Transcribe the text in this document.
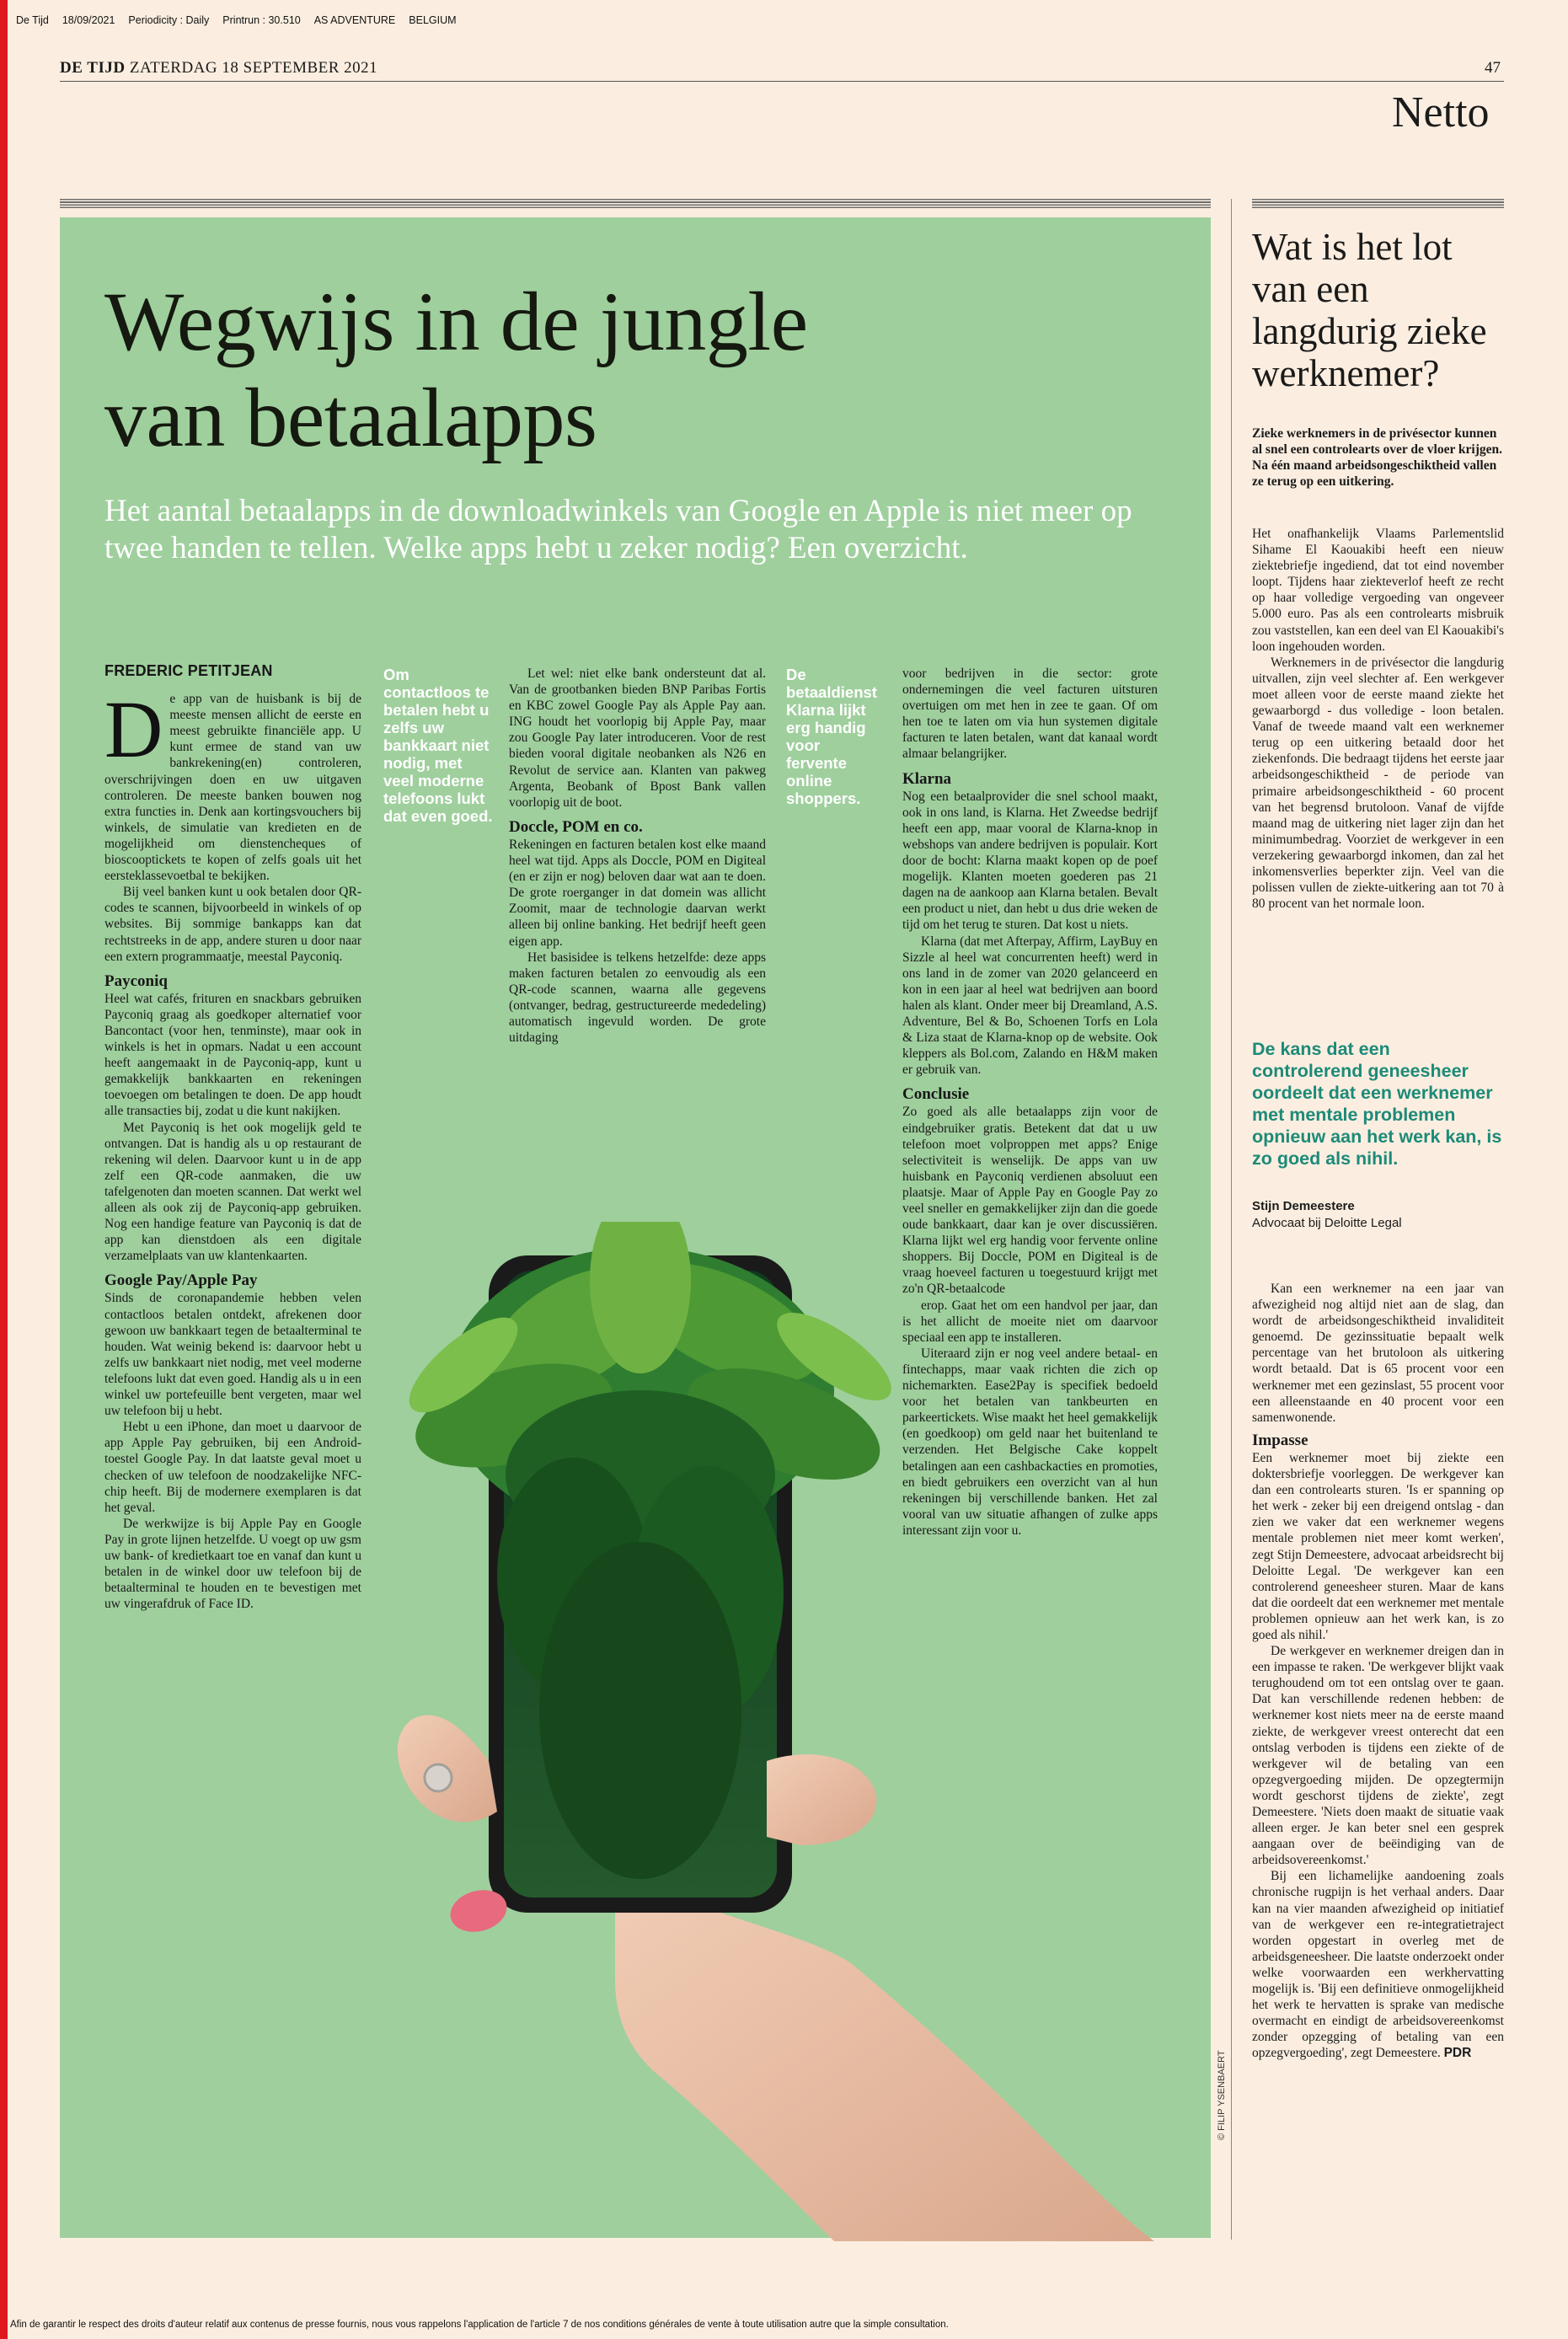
De Tijd 18/09/2021 Periodicity : Daily Printrun : 30.510 AS ADVENTURE BELGIUM

DE TIJD ZATERDAG 18 SEPTEMBER 2021	47
Netto
Wegwijs in de jungle
van betaalapps

Het aantal betaalapps in de downloadwinkels van Google en Apple is niet meer op twee handen te tellen. Welke apps hebt u zeker nodig? Een overzicht.

FREDERIC PETITJEAN

De app van de huisbank is bij de meeste mensen allicht de eerste en meest gebruikte financiële app. U kunt ermee de stand van uw bankrekening(en) controleren, overschrijvingen doen en uw uitgaven controleren. De meeste banken bouwen nog extra functies in. Denk aan kortingsvouchers bij winkels, de simulatie van kredieten en de mogelijkheid om dienstencheques of bioscooptickets te kopen of zelfs goals uit het eersteklassevoetbal te bekijken.

Bij veel banken kunt u ook betalen door QR-codes te scannen, bijvoorbeeld in winkels of op websites. Bij sommige bankapps kan dat rechtstreeks in de app, andere sturen u door naar een extern programmaatje, meestal Payconiq.

Payconiq

Heel wat cafés, frituren en snackbars gebruiken Payconiq graag als goedkoper alternatief voor Bancontact (voor hen, tenminste), maar ook in winkels is het in opmars. Nadat u een account heeft aangemaakt in de Payconiq-app, kunt u gemakkelijk bankkaarten en rekeningen toevoegen om betalingen te doen. De app houdt alle transacties bij, zodat u die kunt nakijken.

Met Payconiq is het ook mogelijk geld te ontvangen. Dat is handig als u op restaurant de rekening wil delen. Daarvoor kunt u in de app zelf een QR-code aanmaken, die uw tafelgenoten dan moeten scannen. Dat werkt wel alleen als ook zij de Payconiq-app gebruiken. Nog een handige feature van Payconiq is dat de app kan dienstdoen als een digitale verzamelplaats van uw klantenkaarten.

Google Pay/Apple Pay

Sinds de coronapandemie hebben velen contactloos betalen ontdekt, afrekenen door gewoon uw bankkaart tegen de betaalterminal te houden. Wat weinig bekend is: daarvoor hebt u zelfs uw bankkaart niet nodig, met veel moderne telefoons lukt dat even goed. Handig als u in een winkel uw portefeuille bent vergeten, maar wel uw telefoon bij u hebt.

Hebt u een iPhone, dan moet u daarvoor de app Apple Pay gebruiken, bij een Android-toestel Google Pay. In dat laatste geval moet u checken of uw telefoon de noodzakelijke NFC-chip heeft. Bij de modernere exemplaren is dat het geval.

De werkwijze is bij Apple Pay en Google Pay in grote lijnen hetzelfde. U voegt op uw gsm uw bank- of kredietkaart toe en vanaf dan kunt u betalen in de winkel door uw telefoon bij de betaalterminal te houden en te bevestigen met uw vingerafdruk of Face ID.

Om contactloos te betalen hebt u zelfs uw bankkaart niet nodig, met veel moderne telefoons lukt dat even goed.

Let wel: niet elke bank ondersteunt dat al. Van de grootbanken bieden BNP Paribas Fortis en KBC zowel Google Pay als Apple Pay aan. ING houdt het voorlopig bij Apple Pay, maar zou Google Pay later introduceren. Voor de rest bieden vooral digitale neobanken als N26 en Revolut de service aan. Klanten van pakweg Argenta, Beobank of Bpost Bank vallen voorlopig uit de boot.

Doccle, POM en co.

Rekeningen en facturen betalen kost elke maand heel wat tijd. Apps als Doccle, POM en Digiteal (en er zijn er nog) beloven daar wat aan te doen. De grote roerganger in dat domein was allicht Zoomit, maar de technologie daarvan werkt alleen bij online banking. Het bedrijf heeft geen eigen app.

Het basisidee is telkens hetzelfde: deze apps maken facturen betalen zo eenvoudig als een QR-code scannen, waarna alle gegevens (ontvanger, bedrag, gestructureerde mededeling) automatisch ingevuld worden. De grote uitdaging

De betaaldienst Klarna lijkt erg handig voor fervente online shoppers.

voor bedrijven in die sector: grote ondernemingen die veel facturen uitsturen overtuigen om met hen in zee te gaan. Of om hen toe te laten om via hun systemen digitale facturen te laten betalen, want dat kanaal wordt almaar belangrijker.

Klarna

Nog een betaalprovider die snel school maakt, ook in ons land, is Klarna. Het Zweedse bedrijf heeft een app, maar vooral de Klarna-knop in webshops van andere bedrijven is populair. Kort door de bocht: Klarna maakt kopen op de poef mogelijk. Klanten moeten goederen pas 21 dagen na de aankoop aan Klarna betalen. Bevalt een product u niet, dan hebt u dus drie weken de tijd om het terug te sturen. Dat kost u niets.

Klarna (dat met Afterpay, Affirm, LayBuy en Sizzle al heel wat concurrenten heeft) werd in ons land in de zomer van 2020 gelanceerd en kon in een jaar al heel wat bedrijven aan boord halen als klant. Onder meer bij Dreamland, A.S. Adventure, Bel & Bo, Schoenen Torfs en Lola & Liza staat de Klarna-knop op de website. Ook kleppers als Bol.com, Zalando en H&M maken er gebruik van.

Conclusie

Zo goed als alle betaalapps zijn voor de eindgebruiker gratis. Betekent dat dat u uw telefoon moet volproppen met apps? Enige selectiviteit is wenselijk. De apps van uw huisbank en Payconiq verdienen absoluut een plaatsje. Maar of Apple Pay en Google Pay zo veel sneller en gemakkelijker zijn dan die goede oude bankkaart, daar kan je over discussiëren. Klarna lijkt wel erg handig voor fervente online shoppers. Bij Doccle, POM en Digiteal is de vraag hoeveel facturen u toegestuurd krijgt met zo'n QR-betaalcode

erop. Gaat het om een handvol per jaar, dan is het allicht de moeite niet om daarvoor speciaal een app te installeren.

Uiteraard zijn er nog veel andere betaal- en fintechapps, maar vaak richten die zich op nichemarkten. Ease2Pay is specifiek bedoeld voor het betalen van tankbeurten en parkeertickets. Wise maakt het heel gemakkelijk (en goedkoop) om geld naar het buitenland te verzenden. Het Belgische Cake koppelt betalingen aan een cashbackacties en promoties, en biedt gebruikers een overzicht van al hun rekeningen bij verschillende banken. Het zal vooral van uw situatie afhangen of zulke apps interessant zijn voor u.

© FILIP YSENBAERT
Wat is het lot van een langdurig zieke werknemer?
Zieke werknemers in de privésector kunnen al snel een controlearts over de vloer krijgen. Na één maand arbeidsongeschiktheid vallen ze terug op een uitkering.

Het onafhankelijk Vlaams Parlementslid Sihame El Kaouakibi heeft een nieuw ziektebriefje ingediend, dat tot eind november loopt. Tijdens haar ziekteverlof heeft ze recht op haar volledige vergoeding van ongeveer 5.000 euro. Pas als een controlearts misbruik zou vaststellen, kan een deel van El Kaouakibi's loon ingehouden worden.

Werknemers in de privésector die langdurig uitvallen, zijn veel slechter af. Een werkgever moet alleen voor de eerste maand ziekte het gewaarborgd - dus volledige - loon betalen. Vanaf de tweede maand valt een werknemer terug op een uitkering betaald door het ziekenfonds. Die bedraagt tijdens het eerste jaar arbeidsongeschiktheid - de periode van primaire arbeidsongeschiktheid - 60 procent van het begrensd brutoloon. Vanaf de vijfde maand mag de uitkering niet lager zijn dan het minimumbedrag. Voorziet de werkgever in een verzekering gewaarborgd inkomen, dan zal het inkomensverlies beperkter zijn. Veel van die polissen vullen de ziekte-uitkering aan tot 70 à 80 procent van het normale loon.

De kans dat een controlerend geneesheer oordeelt dat een werknemer met mentale problemen opnieuw aan het werk kan, is zo goed als nihil.
Stijn Demeestere
Advocaat bij Deloitte Legal

Kan een werknemer na een jaar van afwezigheid nog altijd niet aan de slag, dan wordt de arbeidsongeschiktheid invaliditeit genoemd. De gezinssituatie bepaalt welk percentage van het brutoloon als uitkering wordt betaald. Dat is 65 procent voor een werknemer met een gezinslast, 55 procent voor een alleenstaande en 40 procent voor een samenwonende.

Impasse

Een werknemer moet bij ziekte een doktersbriefje voorleggen. De werkgever kan dan een controlearts sturen. 'Is er spanning op het werk - zeker bij een dreigend ontslag - dan zien we vaker dat een werknemer wegens mentale problemen niet meer komt werken', zegt Stijn Demeestere, advocaat arbeidsrecht bij Deloitte Legal. 'De werkgever kan een controlerend geneesheer sturen. Maar de kans dat die oordeelt dat een werknemer met mentale problemen opnieuw aan het werk kan, is zo goed als nihil.'

De werkgever en werknemer dreigen dan in een impasse te raken. 'De werkgever blijkt vaak terughoudend om tot een ontslag over te gaan. Dat kan verschillende redenen hebben: de werknemer kost niets meer na de eerste maand ziekte, de werkgever vreest onterecht dat een ontslag verboden is tijdens een ziekte of de werkgever wil de betaling van een opzegvergoeding mijden. De opzegtermijn wordt geschorst tijdens de ziekte', zegt Demeestere. 'Niets doen maakt de situatie vaak alleen erger. Je kan beter snel een gesprek aangaan over de beëindiging van de arbeidsovereenkomst.'

Bij een lichamelijke aandoening zoals chronische rugpijn is het verhaal anders. Daar kan na vier maanden afwezigheid op initiatief van de werkgever een re-integratietraject worden opgestart in overleg met de arbeidsgeneesheer. Die laatste onderzoekt onder welke voorwaarden een werkhervatting mogelijk is. 'Bij een definitieve onmogelijkheid het werk te hervatten is sprake van medische overmacht en eindigt de arbeidsovereenkomst zonder opzegging of betaling van een opzegvergoeding', zegt Demeestere. PDR

Afin de garantir le respect des droits d'auteur relatif aux contenus de presse fournis, nous vous rappelons l'application de l'article 7 de nos conditions générales de vente à toute utilisation autre que la simple consultation.
